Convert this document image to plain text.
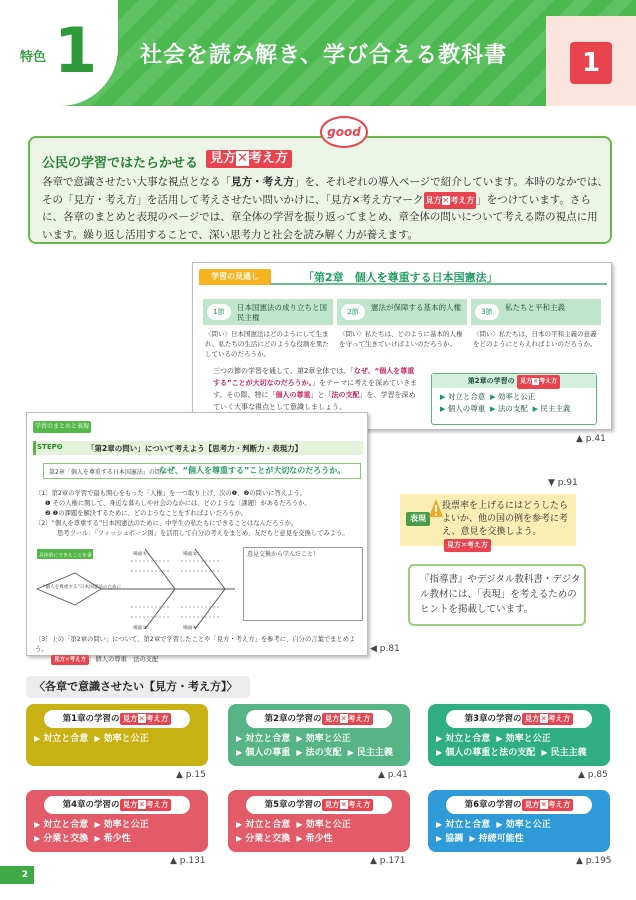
特色 1 社会を読み解き、学び合える教科書	1
公民の学習ではたらかせる 見方✕考え方
good
各章で意識させたい大事な視点となる「見方・考え方」を、それぞれの導入ページで紹介しています。本時のなかでは、その「見方・考え方」を活用して考えさせたい問いかけに、「見方×考え方マーク 見方✕考え方 」をつけています。さらに、各章のまとめと表現のページでは、章全体の学習を振り返ってまとめ、章全体の問いについて考える際の視点に用います。繰り返し活用することで、深い思考力と社会を読み解く力が養えます。
学習の見通し	「第2章　個人を尊重する日本国憲法」
1節	日本国憲法の成り立ちと国民主権
〈問い〉日本国憲法はどのようにして生まれ、私たちの生活にどのような役割を果たしているのだろうか。
2節	憲法が保障する基本的人権
〈問い〉私たちは、どのように基本的人権を守って生きていけばよいのだろうか。
3節	私たちと平和主義
〈問い〉私たちは、日本の平和主義の意義をどのようにとらえればよいのだろうか。
三つの節の学習を通して、第2章全体では、「なぜ、“個人を尊重する”ことが大切なのだろうか。」をテーマに考えを深めていきます。その際、特に「個人の尊重」と「法の支配」を、学習を深めていく大事な視点として意識しましょう。
第2章の学習の 見方✕考え方
▶ 対立と合意 ▶ 効率と公正
▶ 個人の尊重 ▶ 法の支配 ▶ 民主主義
▲ p.41
学習のまとめと表現
STEP❷	「第2章の問い」について考えよう【思考力・判断力・表現力】
第2章「個人を尊重する日本国憲法」の問い
なぜ、“個人を尊重する”ことが大切なのだろうか。
〔1〕第2章の学習で最も関心をもった「人権」を一つ取り上げ、次の❶、❷の問いに答えよう。
❶ その人権に関して、身近な暮らしや社会のなかには、どのような〔課題〕があるだろうか。
❷ ❶の課題を解決するために、どのようなことをすればよいだろうか。
〔2〕“個人を尊重する”日本国憲法のために、中学生の私たちにできることはなんだろうか。
思考ツール：「フィッシュボーン図」を活用して自分の考えをまとめ、友だちと意見を交換してみよう。
具体的にできることを書く
“個人を尊重する”日本国憲法のために
場面①：	場面②：
場面③：	場面④：
意見交換から学んだこと！
〔3〕上の「第2章の問い」について、第2章で学習したことや「見方・考え方」を参考に、自分の言葉でまとめよう。
見方✕考え方 ：個人の尊重　法の支配
◀ p.81
▼ p.91
表現
投票率を上げるにはどうしたらよいか、他の国の例を参考に考え、意見を交換しよう。見方✕考え方
『指導書』やデジタル教科書・デジタル教材には、「表現」を考えるためのヒントを掲載しています。
〈各章で意識させたい【見方・考え方】〉
第1章の学習の 見方✕考え方
▶ 対立と合意 ▶ 効率と公正
▲ p.15
第2章の学習の 見方✕考え方
▶ 対立と合意 ▶ 効率と公正
▶ 個人の尊重 ▶ 法の支配 ▶ 民主主義
▲ p.41
第3章の学習の 見方✕考え方
▶ 対立と合意 ▶ 効率と公正
▶ 個人の尊重と法の支配 ▶ 民主主義
▲ p.85
第4章の学習の 見方✕考え方
▶ 対立と合意 ▶ 効率と公正
▶ 分業と交換 ▶ 希少性
▲ p.131
第5章の学習の 見方✕考え方
▶ 対立と合意 ▶ 効率と公正
▶ 分業と交換 ▶ 希少性
▲ p.171
第6章の学習の 見方✕考え方
▶ 対立と合意 ▶ 効率と公正
▶ 協調 ▶ 持続可能性
▲ p.195
2
